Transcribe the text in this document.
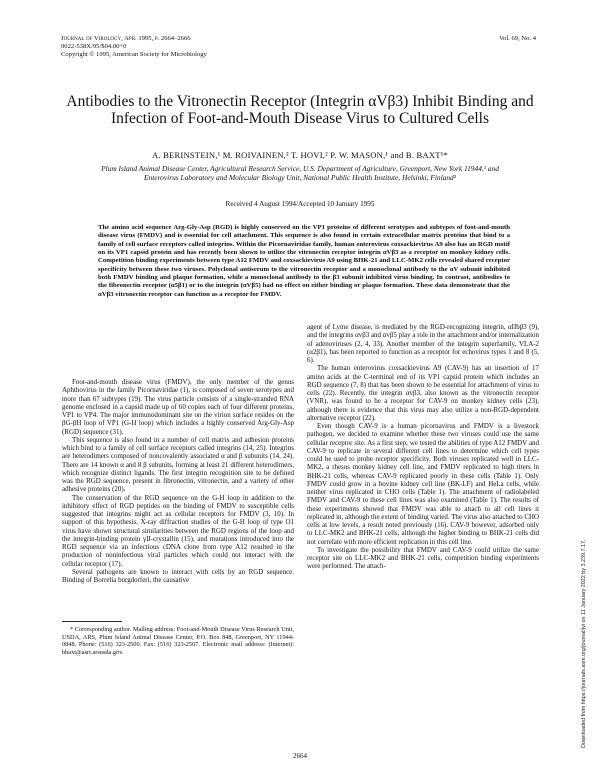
Journal of Virology, Apr. 1995, p. 2664–2666
0022-538X/95/$04.00+0
Copyright © 1995, American Society for Microbiology
Vol. 69, No. 4
Antibodies to the Vitronectin Receptor (Integrin αVβ3) Inhibit Binding and Infection of Foot-and-Mouth Disease Virus to Cultured Cells
A. BERINSTEIN,¹ M. ROIVAINEN,² T. HOVI,² P. W. MASON,¹ and B. BAXT¹*
Plum Island Animal Disease Center, Agricultural Research Service, U.S. Department of Agriculture, Greenport, New York 11944,¹ and Enterovirus Laboratory and Molecular Biology Unit, National Public Health Institute, Helsinki, Finland²
Received 4 August 1994/Accepted 10 January 1995

The amino acid sequence Arg-Gly-Asp (RGD) is highly conserved on the VP1 proteins of different serotypes and subtypes of foot-and-mouth disease virus (FMDV) and is essential for cell attachment. This sequence is also found in certain extracellular matrix proteins that bind to a family of cell surface receptors called integrins. Within the Picornaviridae family, human enterovirus coxsackievirus A9 also has an RGD motif on its VP1 capsid protein and has recently been shown to utilize the vitronectin receptor integrin αVβ3 as a receptor on monkey kidney cells. Competition binding experiments between type A12 FMDV and coxsackievirus A9 using BHK-21 and LLC-MK2 cells revealed shared receptor specificity between these two viruses. Polyclonal antiserum to the vitronectin receptor and a monoclonal antibody to the αV subunit inhibited both FMDV binding and plaque formation, while a monoclonal antibody to the β3 subunit inhibited virus binding. In contrast, antibodies to the fibronectin receptor (α5β1) or to the integrin (αVβ5) had no effect on either binding or plaque formation. These data demonstrate that the αVβ3 vitronectin receptor can function as a receptor for FMDV.

Foot-and-mouth disease virus (FMDV), the only member of the genus Aphthovirus in the family Picornaviridae (1), is composed of seven serotypes and more than 67 subtypes (19). The virus particle consists of a single-stranded RNA genome enclosed in a capsid made up of 60 copies each of four different proteins, VP1 to VP4. The major immunodominant site on the virion surface resides on the βG-βH loop of VP1 (G-H loop) which includes a highly conserved Arg-Gly-Asp (RGD) sequence (31).

This sequence is also found in a number of cell matrix and adhesion proteins which bind to a family of cell surface receptors called integrins (14, 25). Integrins are heterodimers composed of noncovalently associated α and β subunits (14, 24). There are 14 known α and 8 β subunits, forming at least 21 different heterodimers, which recognize distinct ligands. The first integrin recognition site to be defined was the RGD sequence, present in fibronectin, vitronectin, and a variety of other adhesive proteins (20).

The conservation of the RGD sequence on the G-H loop in addition to the inhibitory effect of RGD peptides on the binding of FMDV to susceptible cells suggested that integrins might act as cellular receptors for FMDV (3, 10). In support of this hypothesis, X-ray diffraction studies of the G-H loop of type O1 virus have shown structural similarities between the RGD regions of the loop and the integrin-binding protein γII-crystallin (15), and mutations introduced into the RGD sequence via an infectious cDNA clone from type A12 resulted in the production of noninfectious viral particles which could not interact with the cellular receptor (17).

Several pathogens are known to interact with cells by an RGD sequence. Binding of Borrelia burgdorferi, the causative

agent of Lyme disease, is mediated by the RGD-recognizing integrin, αIIbβ3 (9), and the integrins αvβ3 and αvβ5 play a role in the attachment and/or internalization of adenoviruses (2, 4, 33). Another member of the integrin superfamily, VLA-2 (α2β1), has been reported to function as a receptor for echovirus types 1 and 8 (5, 6).

The human enterovirus coxsackievirus A9 (CAV-9) has an insertion of 17 amino acids at the C-terminal end of its VP1 capsid protein which includes an RGD sequence (7, 8) that has been shown to be essential for attachment of virus to cells (22). Recently, the integrin αvβ3, also known as the vitronectin receptor (VNR), was found to be a receptor for CAV-9 on monkey kidney cells (23), although there is evidence that this virus may also utilize a non-RGD-dependent alternative receptor (22).

Even though CAV-9 is a human picornavirus and FMDV is a livestock pathogen, we decided to examine whether these two viruses could use the same cellular receptor site. As a first step, we tested the abilities of type A12 FMDV and CAV-9 to replicate in several different cell lines to determine which cell types could be used to probe receptor specificity. Both viruses replicated well in LLC-MK2, a rhesus monkey kidney cell line, and FMDV replicated to high titers in BHK-21 cells, whereas CAV-9 replicated poorly in these cells (Table 1). Only FMDV could grow in a bovine kidney cell line (BK-LF) and HeLa cells, while neither virus replicated in CHO cells (Table 1). The attachment of radiolabeled FMDV and CAV-9 to these cell lines was also examined (Table 1). The results of these experiments showed that FMDV was able to attach to all cell lines it replicated in, although the extent of binding varied. The virus also attached to CHO cells at low levels, a result noted previously (16). CAV-9 however, adsorbed only to LLC-MK2 and BHK-21 cells, although the higher binding to BHK-21 cells did not correlate with more efficient replication in this cell line.

To investigate the possibility that FMDV and CAV-9 could utilize the same receptor site on LLC-MK2 and BHK-21 cells, competition binding experiments were performed. The attach-

* Corresponding author. Mailing address: Foot-and-Mouth Disease Virus Research Unit, USDA, ARS, Plum Island Animal Disease Center, P.O. Box 848, Greenport, NY 11944-0848. Phone: (516) 323-2500. Fax: (516) 323-2507. Electronic mail address: (Internet): bbaxt@asrr.arsusda.gov.
2664
Downloaded from https://journals.asm.org/journal/jvi on 11 January 2022 by 3.239.7.17.
